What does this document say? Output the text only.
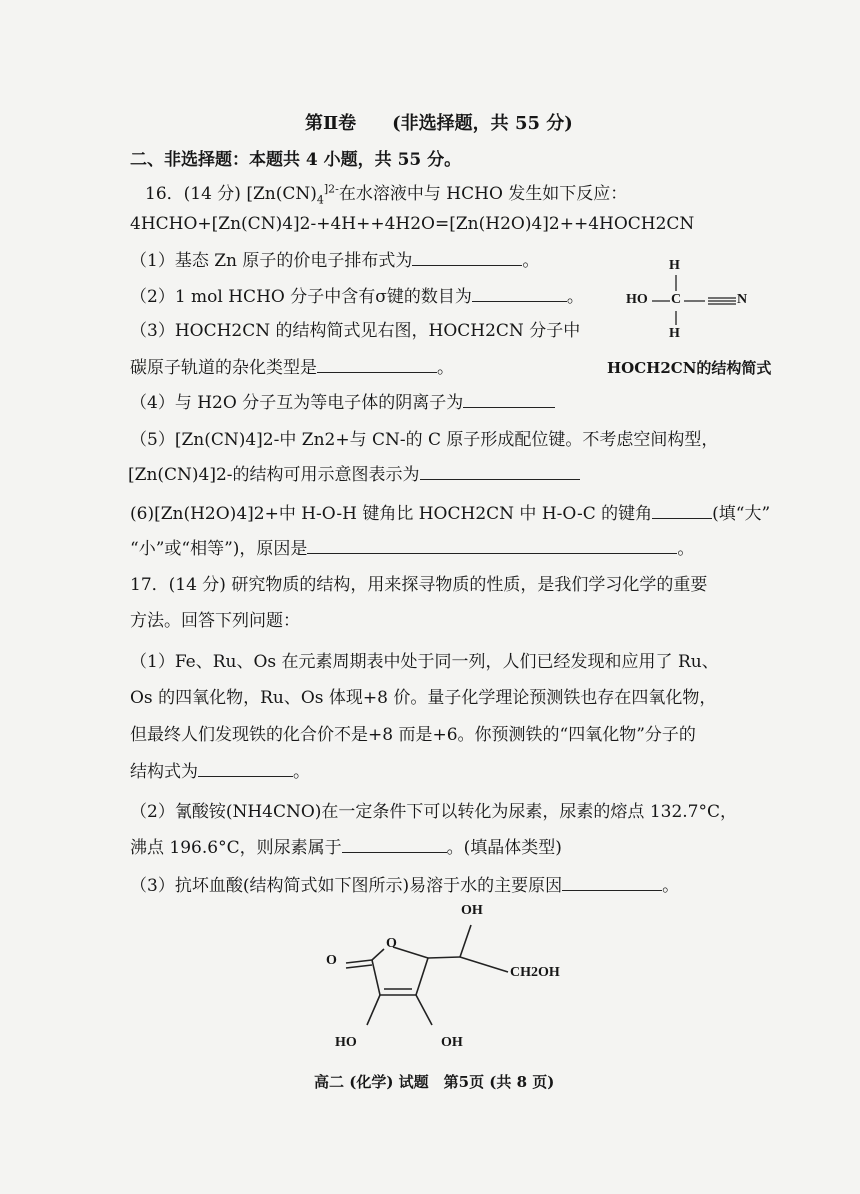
第Ⅱ卷　　(非选择题，共 55 分)
二、非选择题：本题共 4 小题，共 55 分。
16．(14 分) [$Zn(CN)_4^{]2-}$在水溶液中与 HCHO 发生如下反应：
4HCHO+[Zn(CN)4]2-+4H++4H2O=[Zn(H2O)4]2++4HOCH2CN
（1）基态 Zn 原子的价电子排布式为	。
（2）1 mol HCHO 分子中含有σ键的数目为	。
（3）HOCH2CN 的结构简式见右图，HOCH2CN 分子中
碳原子轨道的杂化类型是	。
H
HO C	N
H
HOCH2CN的结构简式
（4）与 H2O 分子互为等电子体的阴离子为
（5）[Zn(CN)4]2-中 Zn2+与 CN-的 C 原子形成配位键。不考虑空间构型，
[Zn(CN)4]2-的结构可用示意图表示为
(6)[Zn(H2O)4]2+中 H-O-H 键角比 HOCH2CN 中 H-O-C 的键角	(填“大”
“小”或“相等”)，原因是	。
17．(14 分) 研究物质的结构，用来探寻物质的性质，是我们学习化学的重要
方法。回答下列问题：
（1）Fe、Ru、Os 在元素周期表中处于同一列，人们已经发现和应用了 Ru、
Os 的四氧化物，Ru、Os 体现+8 价。量子化学理论预测铁也存在四氧化物，
但最终人们发现铁的化合价不是+8 而是+6。你预测铁的“四氧化物”分子的
结构式为	。
（2）氰酸铵(NH4CNO)在一定条件下可以转化为尿素，尿素的熔点 132.7°C，
沸点 196.6°C，则尿素属于	。(填晶体类型)
（3）抗坏血酸(结构简式如下图所示)易溶于水的主要原因	。
OH
CH2OH
O
O
HO	OH
高二 (化学) 试题　第5页 (共 8 页)
